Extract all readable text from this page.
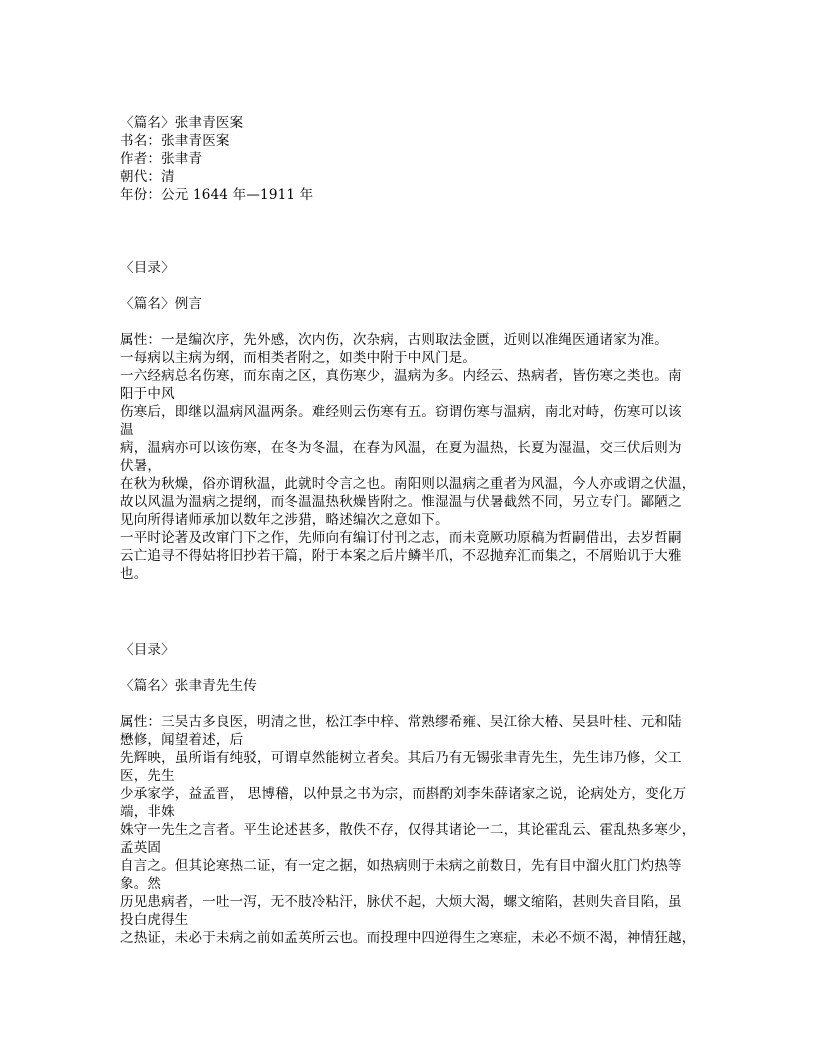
〈篇名〉张聿青医案
书名：张聿青医案
作者：张聿青
朝代：清
年份：公元 1644 年—1911 年
〈目录〉
〈篇名〉例言
属性：一是编次序，先外感，次内伤，次杂病，古则取法金匮，近则以准绳医通诸家为准。
一每病以主病为纲，而相类者附之，如类中附于中风门是。
一六经病总名伤寒，而东南之区，真伤寒少，温病为多。内经云、热病者，皆伤寒之类也。南
阳于中风
伤寒后，即继以温病风温两条。难经则云伤寒有五。窃谓伤寒与温病，南北对峙，伤寒可以该
温
病，温病亦可以该伤寒，在冬为冬温，在春为风温，在夏为温热，长夏为湿温，交三伏后则为
伏暑，
在秋为秋燥，俗亦谓秋温，此就时令言之也。南阳则以温病之重者为风温，今人亦或谓之伏温，
故以风温为温病之提纲，而冬温温热秋燥皆附之。惟湿温与伏暑截然不同，另立专门。鄙陋之
见向所得诸师承加以数年之涉猎，略述编次之意如下。
一平时论著及改窜门下之作，先师向有编订付刊之志，而未竟厥功原稿为哲嗣借出，去岁哲嗣
云亡追寻不得姑将旧抄若干篇，附于本案之后片鳞半爪，不忍抛弃汇而集之，不屑贻讥于大雅
也。
〈目录〉
〈篇名〉张聿青先生传
属性：三吴古多良医，明清之世，松江李中梓、常熟缪希雍、吴江徐大椿、吴县叶桂、元和陆
懋修，闻望着述，后
先辉映，虽所诣有纯驳，可谓卓然能树立者矣。其后乃有无锡张聿青先生，先生讳乃修，父工
医，先生
少承家学，益孟晋， 思博稽，以仲景之书为宗，而斟酌刘李朱薛诸家之说，论病处方，变化万
端，非姝
姝守一先生之言者。平生论述甚多，散佚不存，仅得其诸论一二，其论霍乱云、霍乱热多寒少，
孟英固
自言之。但其论寒热二证，有一定之据，如热病则于未病之前数日，先有目中溜火肛门灼热等
象。然
历见患病者，一吐一泻，无不肢冷粘汗，脉伏不起，大烦大渴，螺文缩陷，甚则失音目陷，虽
投白虎得生
之热证，未必于未病之前如孟英所云也。而投理中四逆得生之寒症，未必不烦不渴，神情狂越，
